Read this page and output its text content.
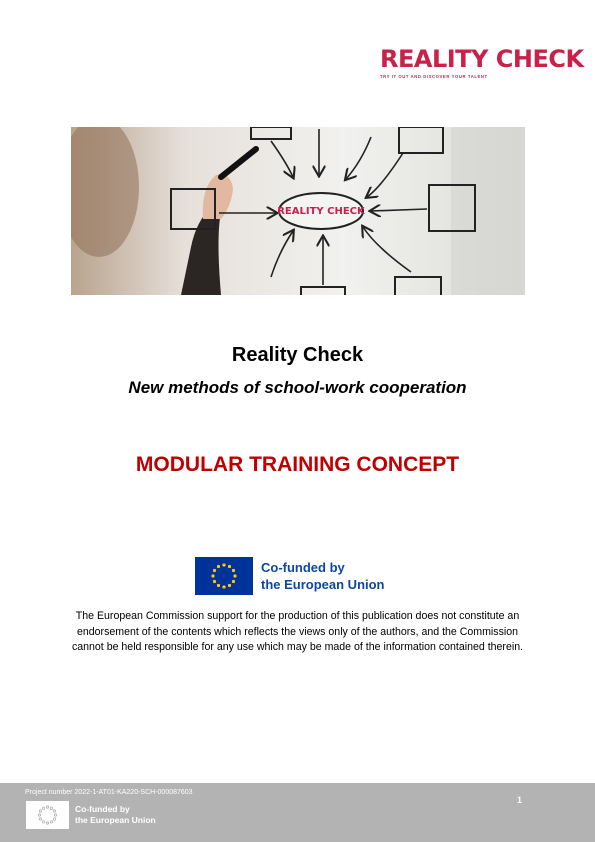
REALITY CHECK
TRY IT OUT AND DISCOVER YOUR TALENT
REALITY CHECK
Reality Check
New methods of school-work cooperation
MODULAR TRAINING CONCEPT
Co-funded by
the European Union
The European Commission support for the production of this publication does not constitute an endorsement of the contents which reflects the views only of the authors, and the Commission cannot be held responsible for any use which may be made of the information contained therein.
Project number 2022-1-AT01-KA220-SCH-000087603
1
Co-funded by
the European Union
